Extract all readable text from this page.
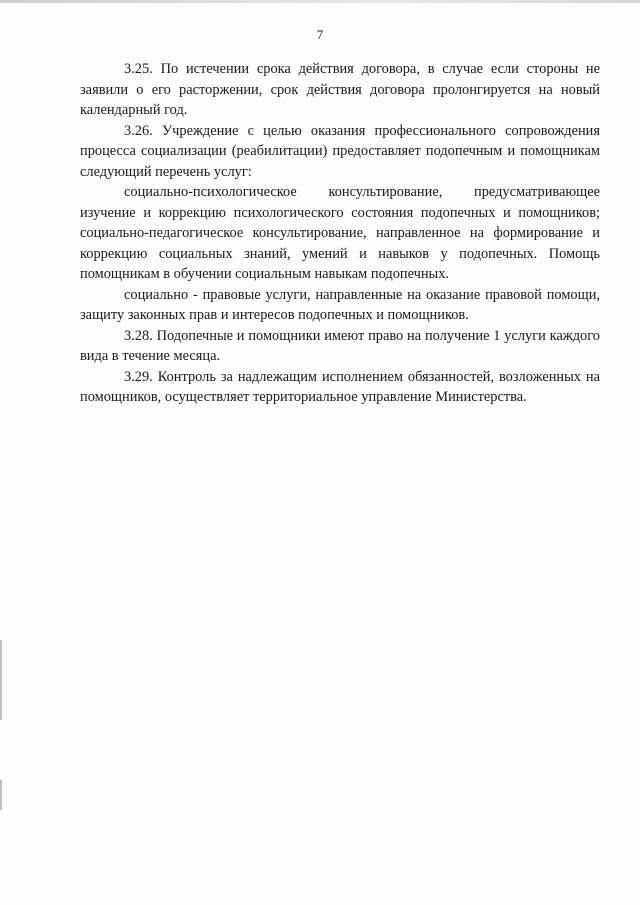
7

3.25. По истечении срока действия договора, в случае если стороны не заявили о его расторжении, срок действия договора пролонгируется на новый календарный год.

3.26. Учреждение с целью оказания профессионального сопровождения процесса социализации (реабилитации) предоставляет подопечным и помощникам следующий перечень услуг:

социально-психологическое консультирование, предусматривающее изучение и коррекцию психологического состояния подопечных и помощников; социально-педагогическое консультирование, направленное на формирование и коррекцию социальных знаний, умений и навыков у подопечных. Помощь помощникам в обучении социальным навыкам подопечных.

социально - правовые услуги, направленные на оказание правовой помощи, защиту законных прав и интересов подопечных и помощников.

3.28. Подопечные и помощники имеют право на получение 1 услуги каждого вида в течение месяца.

3.29. Контроль за надлежащим исполнением обязанностей, возложенных на помощников, осуществляет территориальное управление Министерства.
